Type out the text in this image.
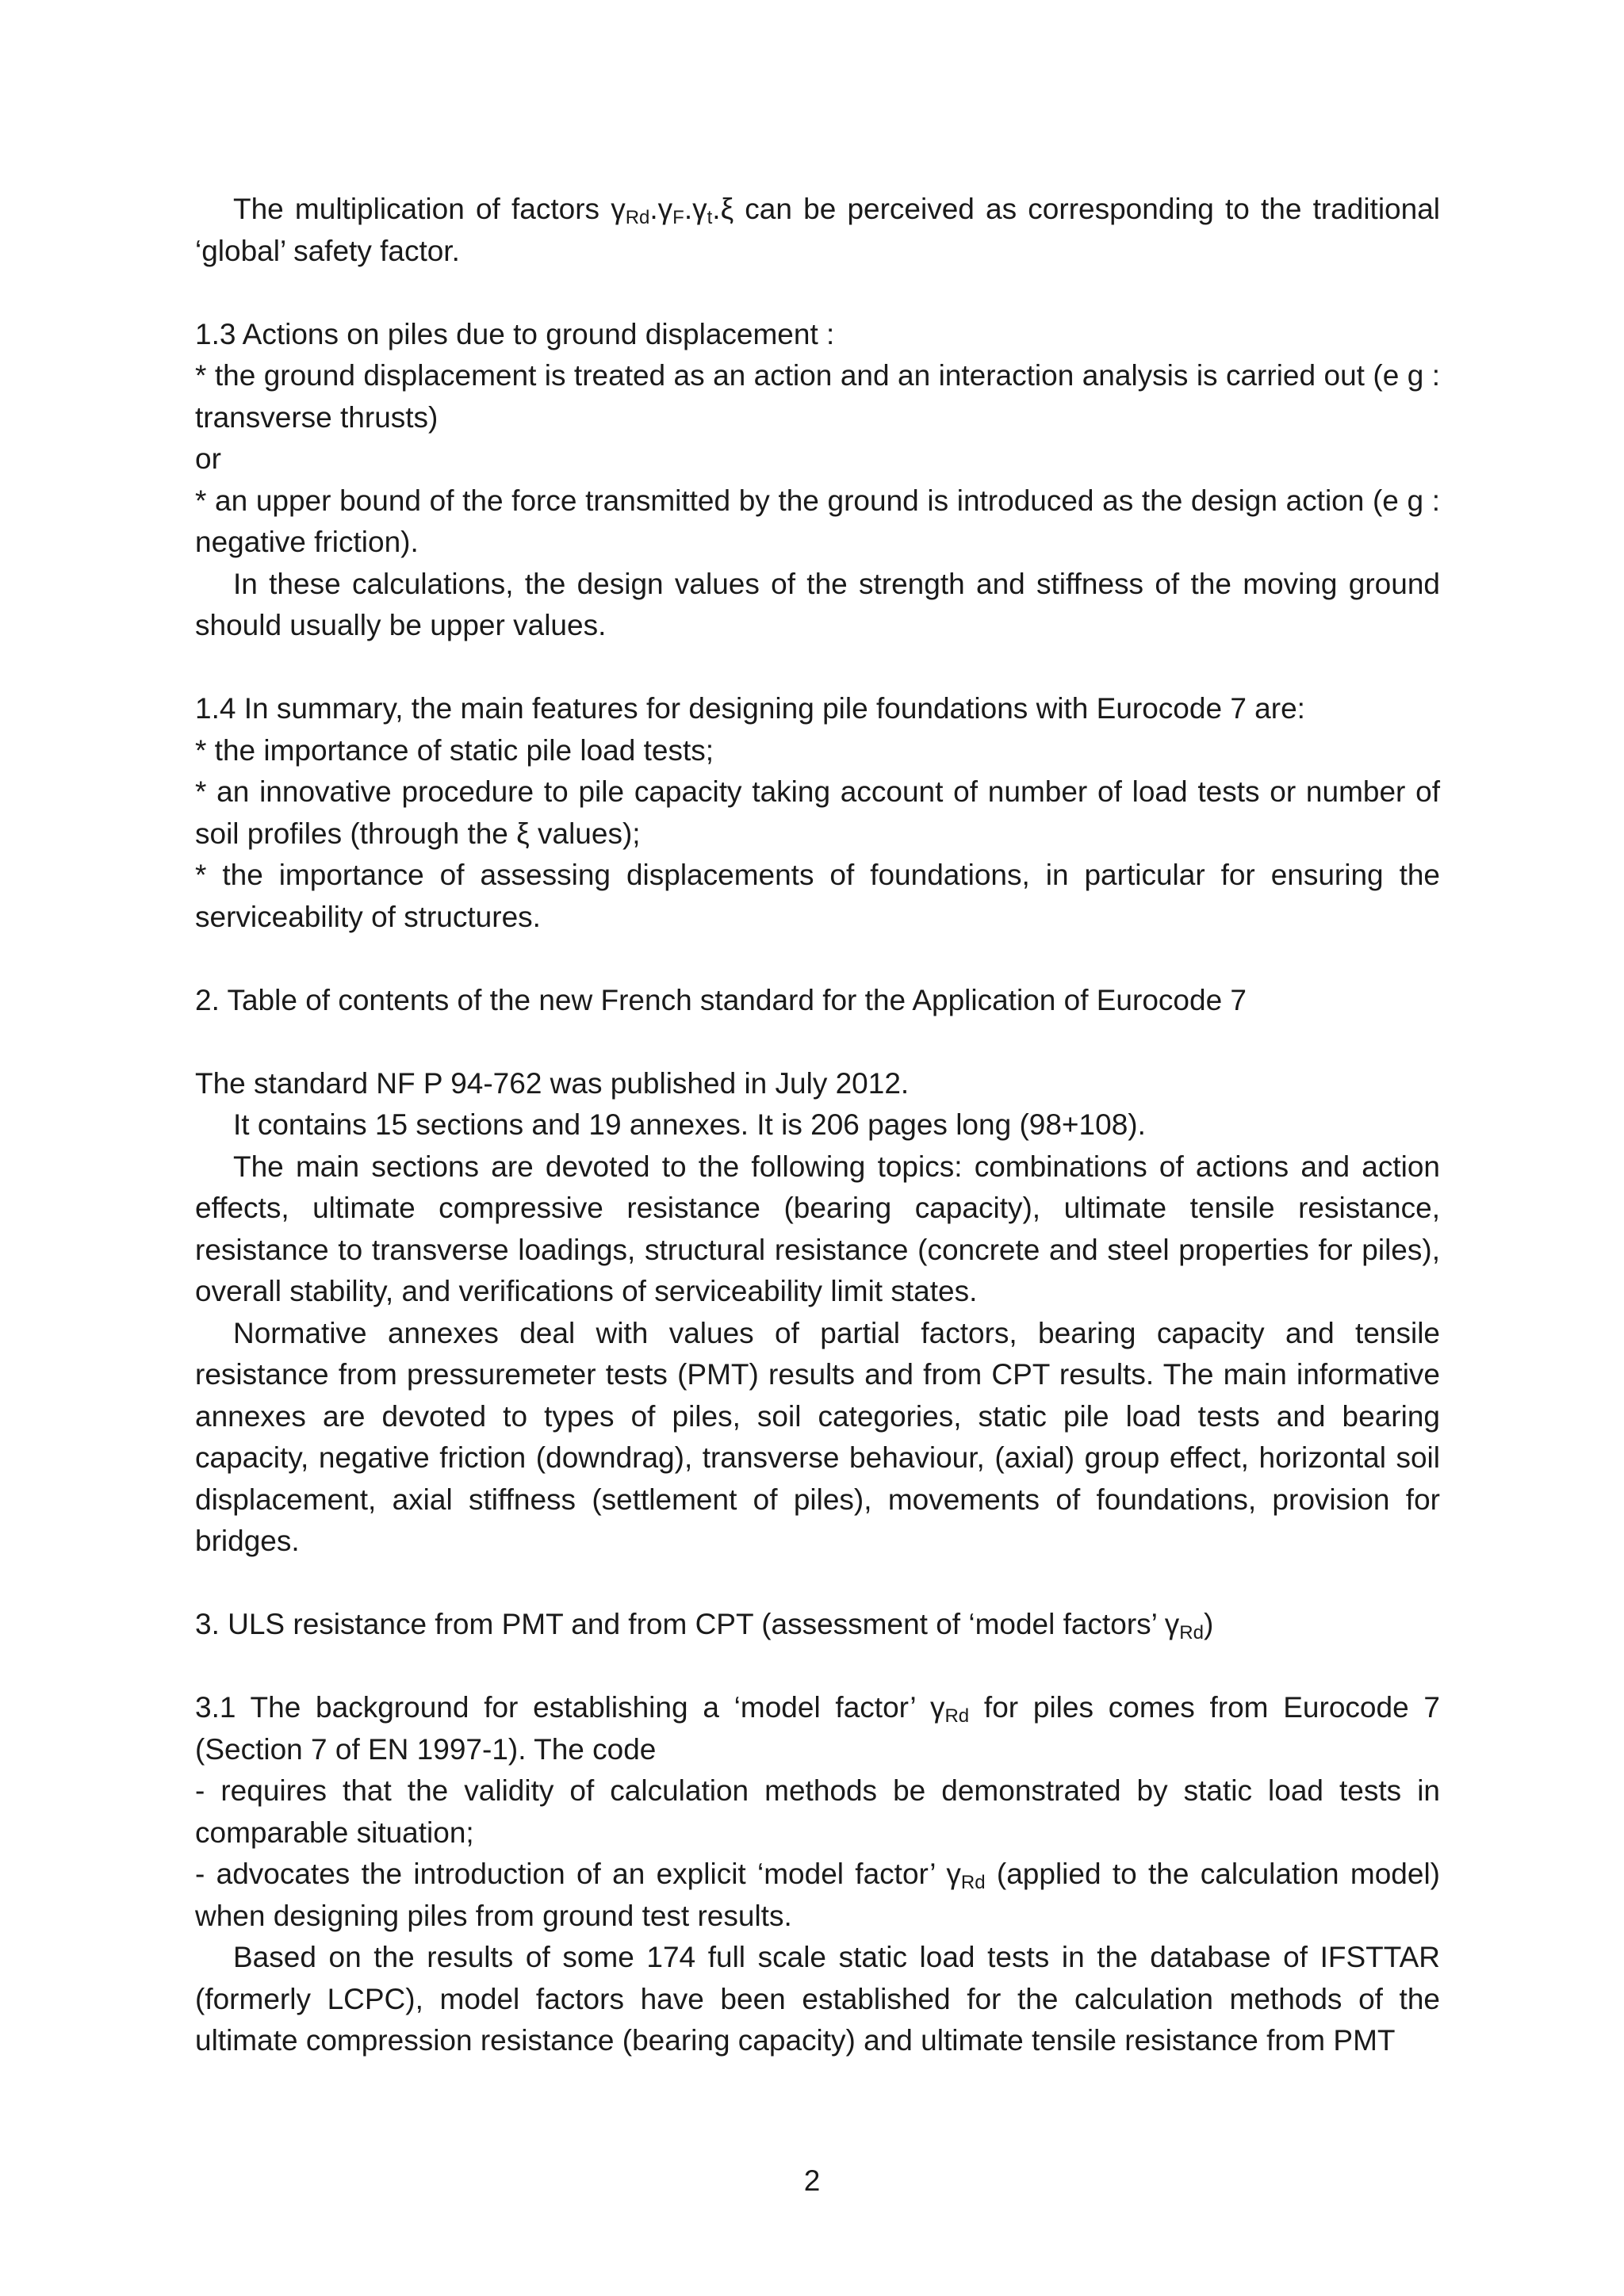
The multiplication of factors $\gamma_{Rd}.\gamma_F.\gamma_t.\xi$ can be perceived as corresponding to the traditional ‘global’ safety factor.

1.3 Actions on piles due to ground displacement :

* the ground displacement is treated as an action and an interaction analysis is carried out (e g : transverse thrusts)

or

* an upper bound of the force transmitted by the ground is introduced as the design action (e g : negative friction).

In these calculations, the design values of the strength and stiffness of the moving ground should usually be upper values.

1.4 In summary, the main features for designing pile foundations with Eurocode 7 are:

* the importance of static pile load tests;

* an innovative procedure to pile capacity taking account of number of load tests or number of soil profiles (through the ξ values);

* the importance of assessing displacements of foundations, in particular for ensuring the serviceability of structures.

2. Table of contents of the new French standard for the Application of Eurocode 7

The standard NF P 94-762 was published in July 2012.

It contains 15 sections and 19 annexes. It is 206 pages long (98+108).

The main sections are devoted to the following topics: combinations of actions and action effects, ultimate compressive resistance (bearing capacity), ultimate tensile resistance, resistance to transverse loadings, structural resistance (concrete and steel properties for piles), overall stability, and verifications of serviceability limit states.

Normative annexes deal with values of partial factors, bearing capacity and tensile resistance from pressuremeter tests (PMT) results and from CPT results. The main informative annexes are devoted to types of piles, soil categories, static pile load tests and bearing capacity, negative friction (downdrag), transverse behaviour, (axial) group effect, horizontal soil displacement, axial stiffness (settlement of piles), movements of foundations, provision for bridges.

3. ULS resistance from PMT and from CPT (assessment of ‘model factors’ $\gamma_{Rd}$)

3.1 The background for establishing a ‘model factor’ $\gamma_{Rd}$ for piles comes from Eurocode 7 (Section 7 of EN 1997-1). The code

- requires that the validity of calculation methods be demonstrated by static load tests in comparable situation;

- advocates the introduction of an explicit ‘model factor’ $\gamma_{Rd}$ (applied to the calculation model) when designing piles from ground test results.

Based on the results of some 174 full scale static load tests in the database of IFSTTAR (formerly LCPC), model factors have been established for the calculation methods of the ultimate compression resistance (bearing capacity) and ultimate tensile resistance from PMT

2
